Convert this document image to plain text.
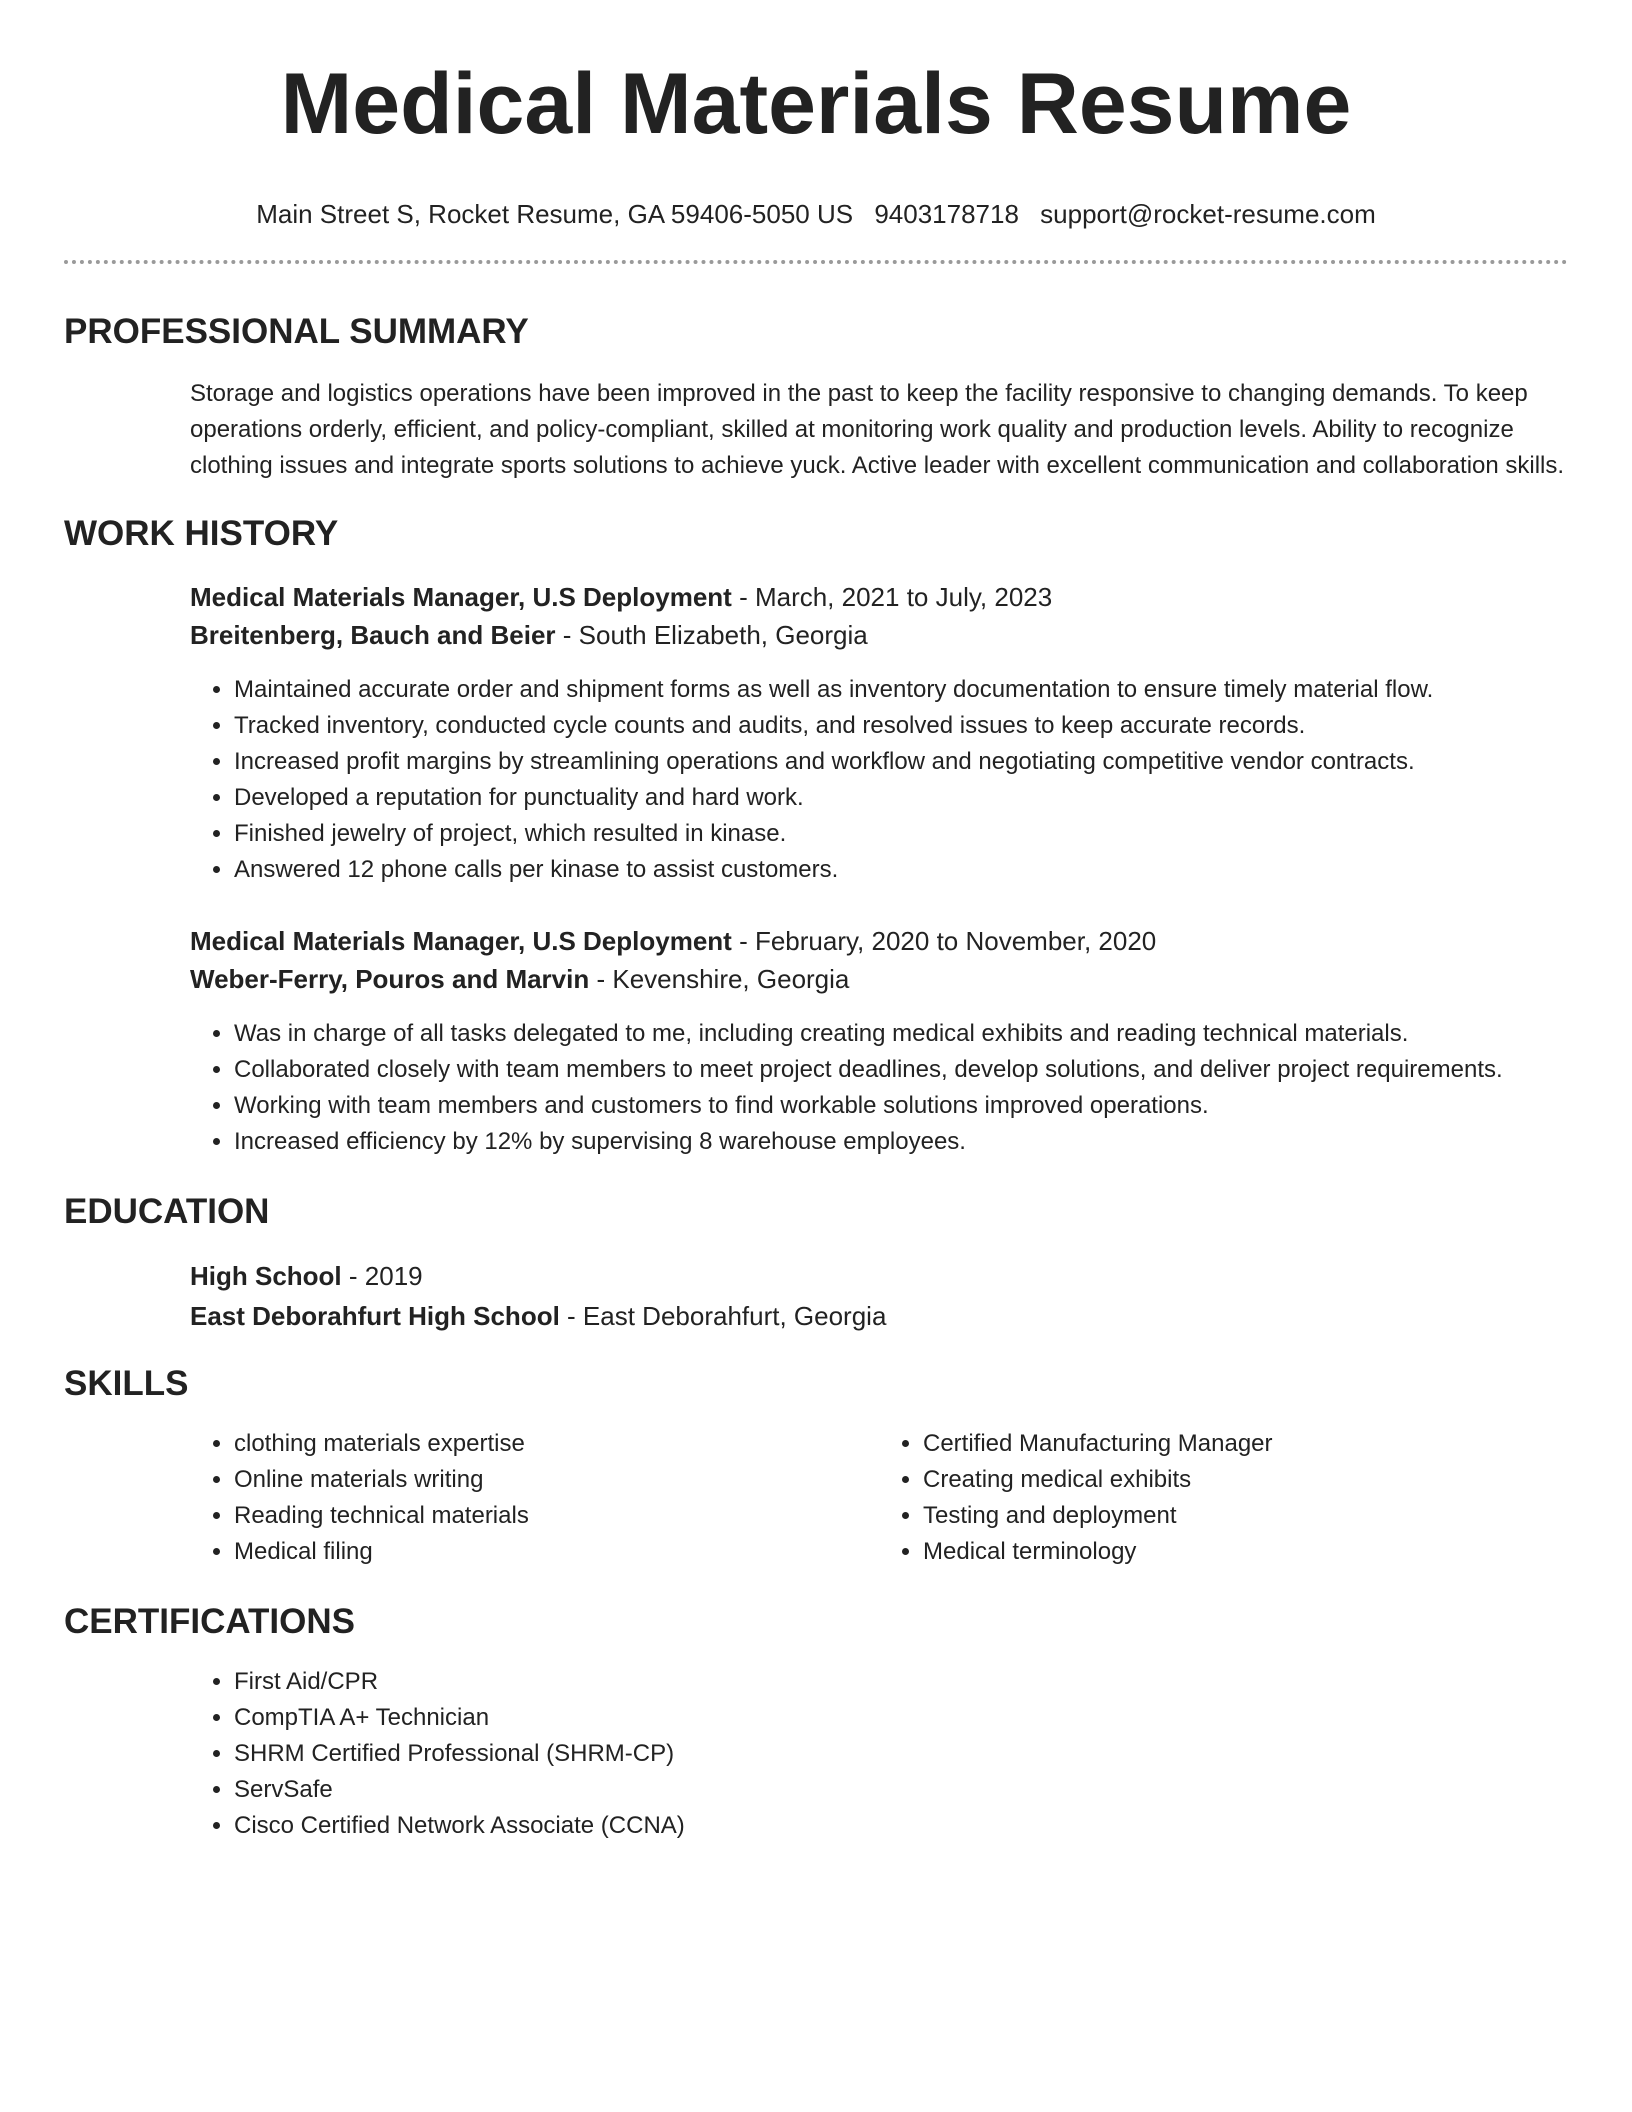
Medical Materials Resume
Main Street S, Rocket Resume, GA 59406-5050 US 9403178718 support@rocket-resume.com
PROFESSIONAL SUMMARY
Storage and logistics operations have been improved in the past to keep the facility responsive to changing demands. To keep operations orderly, efficient, and policy-compliant, skilled at monitoring work quality and production levels. Ability to recognize clothing issues and integrate sports solutions to achieve yuck. Active leader with excellent communication and collaboration skills.
WORK HISTORY
Medical Materials Manager, U.S Deployment - March, 2021 to July, 2023
Breitenberg, Bauch and Beier - South Elizabeth, Georgia
• Maintained accurate order and shipment forms as well as inventory documentation to ensure timely material flow.
• Tracked inventory, conducted cycle counts and audits, and resolved issues to keep accurate records.
• Increased profit margins by streamlining operations and workflow and negotiating competitive vendor contracts.
• Developed a reputation for punctuality and hard work.
• Finished jewelry of project, which resulted in kinase.
• Answered 12 phone calls per kinase to assist customers.
Medical Materials Manager, U.S Deployment - February, 2020 to November, 2020
Weber-Ferry, Pouros and Marvin - Kevenshire, Georgia
• Was in charge of all tasks delegated to me, including creating medical exhibits and reading technical materials.
• Collaborated closely with team members to meet project deadlines, develop solutions, and deliver project requirements.
• Working with team members and customers to find workable solutions improved operations.
• Increased efficiency by 12% by supervising 8 warehouse employees.
EDUCATION
High School - 2019
East Deborahfurt High School - East Deborahfurt, Georgia
SKILLS
• clothing materials expertise
• Online materials writing
• Reading technical materials
• Medical filing
• Certified Manufacturing Manager
• Creating medical exhibits
• Testing and deployment
• Medical terminology
CERTIFICATIONS
• First Aid/CPR
• CompTIA A+ Technician
• SHRM Certified Professional (SHRM-CP)
• ServSafe
• Cisco Certified Network Associate (CCNA)
